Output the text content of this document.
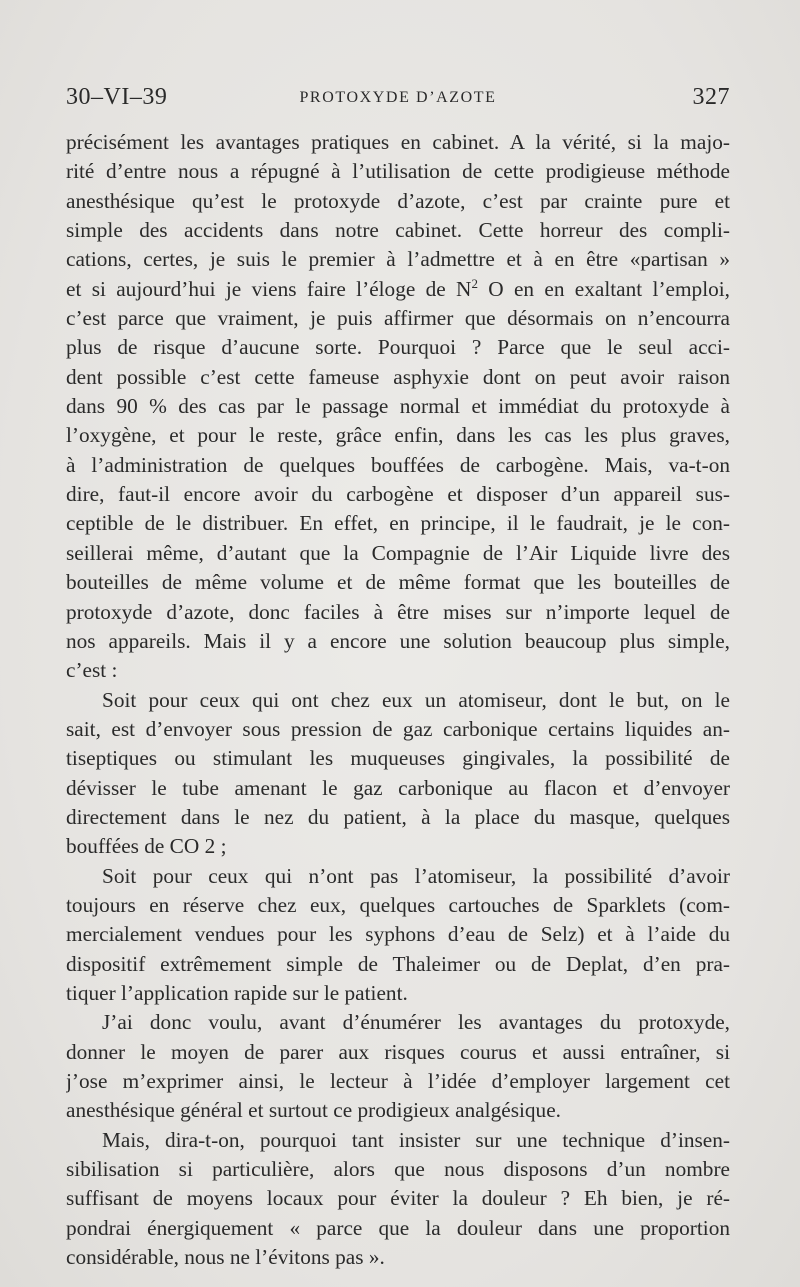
30–VI–39	PROTOXYDE D’AZOTE	327
précisément les avantages pratiques en cabinet. A la vérité, si la majo-
rité d’entre nous a répugné à l’utilisation de cette prodigieuse méthode
anesthésique qu’est le protoxyde d’azote, c’est par crainte pure et
simple des accidents dans notre cabinet. Cette horreur des compli-
cations, certes, je suis le premier à l’admettre et à en être «partisan »
et si aujourd’hui je viens faire l’éloge de $N^2$ O en en exaltant l’emploi,
c’est parce que vraiment, je puis affirmer que désormais on n’encourra
plus de risque d’aucune sorte. Pourquoi ? Parce que le seul acci-
dent possible c’est cette fameuse asphyxie dont on peut avoir raison
dans 90 % des cas par le passage normal et immédiat du protoxyde à
l’oxygène, et pour le reste, grâce enfin, dans les cas les plus graves,
à l’administration de quelques bouffées de carbogène. Mais, va-t-on
dire, faut-il encore avoir du carbogène et disposer d’un appareil sus-
ceptible de le distribuer. En effet, en principe, il le faudrait, je le con-
seillerai même, d’autant que la Compagnie de l’Air Liquide livre des
bouteilles de même volume et de même format que les bouteilles de
protoxyde d’azote, donc faciles à être mises sur n’importe lequel de
nos appareils. Mais il y a encore une solution beaucoup plus simple,
c’est :
Soit pour ceux qui ont chez eux un atomiseur, dont le but, on le
sait, est d’envoyer sous pression de gaz carbonique certains liquides an-
tiseptiques ou stimulant les muqueuses gingivales, la possibilité de
dévisser le tube amenant le gaz carbonique au flacon et d’envoyer
directement dans le nez du patient, à la place du masque, quelques
bouffées de CO 2 ;
Soit pour ceux qui n’ont pas l’atomiseur, la possibilité d’avoir
toujours en réserve chez eux, quelques cartouches de Sparklets (com-
mercialement vendues pour les syphons d’eau de Selz) et à l’aide du
dispositif extrêmement simple de Thaleimer ou de Deplat, d’en pra-
tiquer l’application rapide sur le patient.
J’ai donc voulu, avant d’énumérer les avantages du protoxyde,
donner le moyen de parer aux risques courus et aussi entraîner, si
j’ose m’exprimer ainsi, le lecteur à l’idée d’employer largement cet
anesthésique général et surtout ce prodigieux analgésique.
Mais, dira-t-on, pourquoi tant insister sur une technique d’insen-
sibilisation si particulière, alors que nous disposons d’un nombre
suffisant de moyens locaux pour éviter la douleur ? Eh bien, je ré-
pondrai énergiquement « parce que la douleur dans une proportion
considérable, nous ne l’évitons pas ».
